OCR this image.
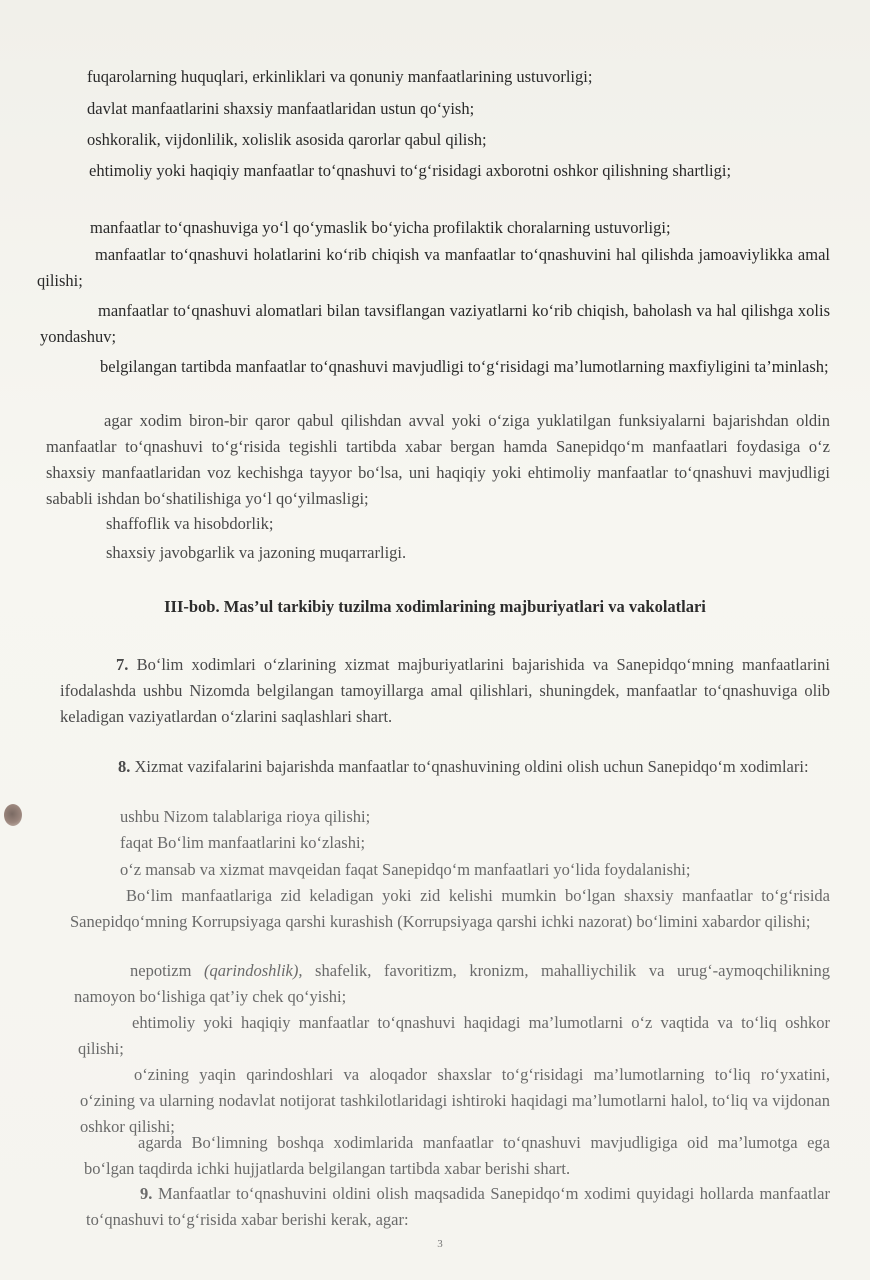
fuqarolarning huquqlari, erkinliklari va qonuniy manfaatlarining ustuvorligi;

davlat manfaatlarini shaxsiy manfaatlaridan ustun qo‘yish;

oshkoralik, vijdonlilik, xolislik asosida qarorlar qabul qilish;

ehtimoliy yoki haqiqiy manfaatlar to‘qnashuvi to‘g‘risidagi axborotni oshkor qilishning shartligi;

manfaatlar to‘qnashuviga yo‘l qo‘ymaslik bo‘yicha profilaktik choralarning ustuvorligi;

manfaatlar to‘qnashuvi holatlarini ko‘rib chiqish va manfaatlar to‘qnashuvini hal qilishda jamoaviylikka amal qilishi;

manfaatlar to‘qnashuvi alomatlari bilan tavsiflangan vaziyatlarni ko‘rib chiqish, baholash va hal qilishga xolis yondashuv;

belgilangan tartibda manfaatlar to‘qnashuvi mavjudligi to‘g‘risidagi ma’lumotlarning maxfiyligini ta’minlash;

agar xodim biron-bir qaror qabul qilishdan avval yoki o‘ziga yuklatilgan funksiyalarni bajarishdan oldin manfaatlar to‘qnashuvi to‘g‘risida tegishli tartibda xabar bergan hamda Sanepidqo‘m manfaatlari foydasiga o‘z shaxsiy manfaatlaridan voz kechishga tayyor bo‘lsa, uni haqiqiy yoki ehtimoliy manfaatlar to‘qnashuvi mavjudligi sababli ishdan bo‘shatilishiga yo‘l qo‘yilmasligi;

shaffoflik va hisobdorlik;

shaxsiy javobgarlik va jazoning muqarrarligi.

III-bob. Mas’ul tarkibiy tuzilma xodimlarining majburiyatlari va vakolatlari

7. Bo‘lim xodimlari o‘zlarining xizmat majburiyatlarini bajarishida va Sanepidqo‘mning manfaatlarini ifodalashda ushbu Nizomda belgilangan tamoyillarga amal qilishlari, shuningdek, manfaatlar to‘qnashuviga olib keladigan vaziyatlardan o‘zlarini saqlashlari shart.

8. Xizmat vazifalarini bajarishda manfaatlar to‘qnashuvining oldini olish uchun Sanepidqo‘m xodimlari:

ushbu Nizom talablariga rioya qilishi;

faqat Bo‘lim manfaatlarini ko‘zlashi;

o‘z mansab va xizmat mavqeidan faqat Sanepidqo‘m manfaatlari yo‘lida foydalanishi;

Bo‘lim manfaatlariga zid keladigan yoki zid kelishi mumkin bo‘lgan shaxsiy manfaatlar to‘g‘risida Sanepidqo‘mning Korrupsiyaga qarshi kurashish (Korrupsiyaga qarshi ichki nazorat) bo‘limini xabardor qilishi;

nepotizm (qarindoshlik), shafelik, favoritizm, kronizm, mahalliychilik va urug‘-aymoqchilikning namoyon bo‘lishiga qat’iy chek qo‘yishi;

ehtimoliy yoki haqiqiy manfaatlar to‘qnashuvi haqidagi ma’lumotlarni o‘z vaqtida va to‘liq oshkor qilishi;

o‘zining yaqin qarindoshlari va aloqador shaxslar to‘g‘risidagi ma’lumotlarning to‘liq ro‘yxatini, o‘zining va ularning nodavlat notijorat tashkilotlaridagi ishtiroki haqidagi ma’lumotlarni halol, to‘liq va vijdonan oshkor qilishi;

agarda Bo‘limning boshqa xodimlarida manfaatlar to‘qnashuvi mavjudligiga oid ma’lumotga ega bo‘lgan taqdirda ichki hujjatlarda belgilangan tartibda xabar berishi shart.

9. Manfaatlar to‘qnashuvini oldini olish maqsadida Sanepidqo‘m xodimi quyidagi hollarda manfaatlar to‘qnashuvi to‘g‘risida xabar berishi kerak, agar:

3
